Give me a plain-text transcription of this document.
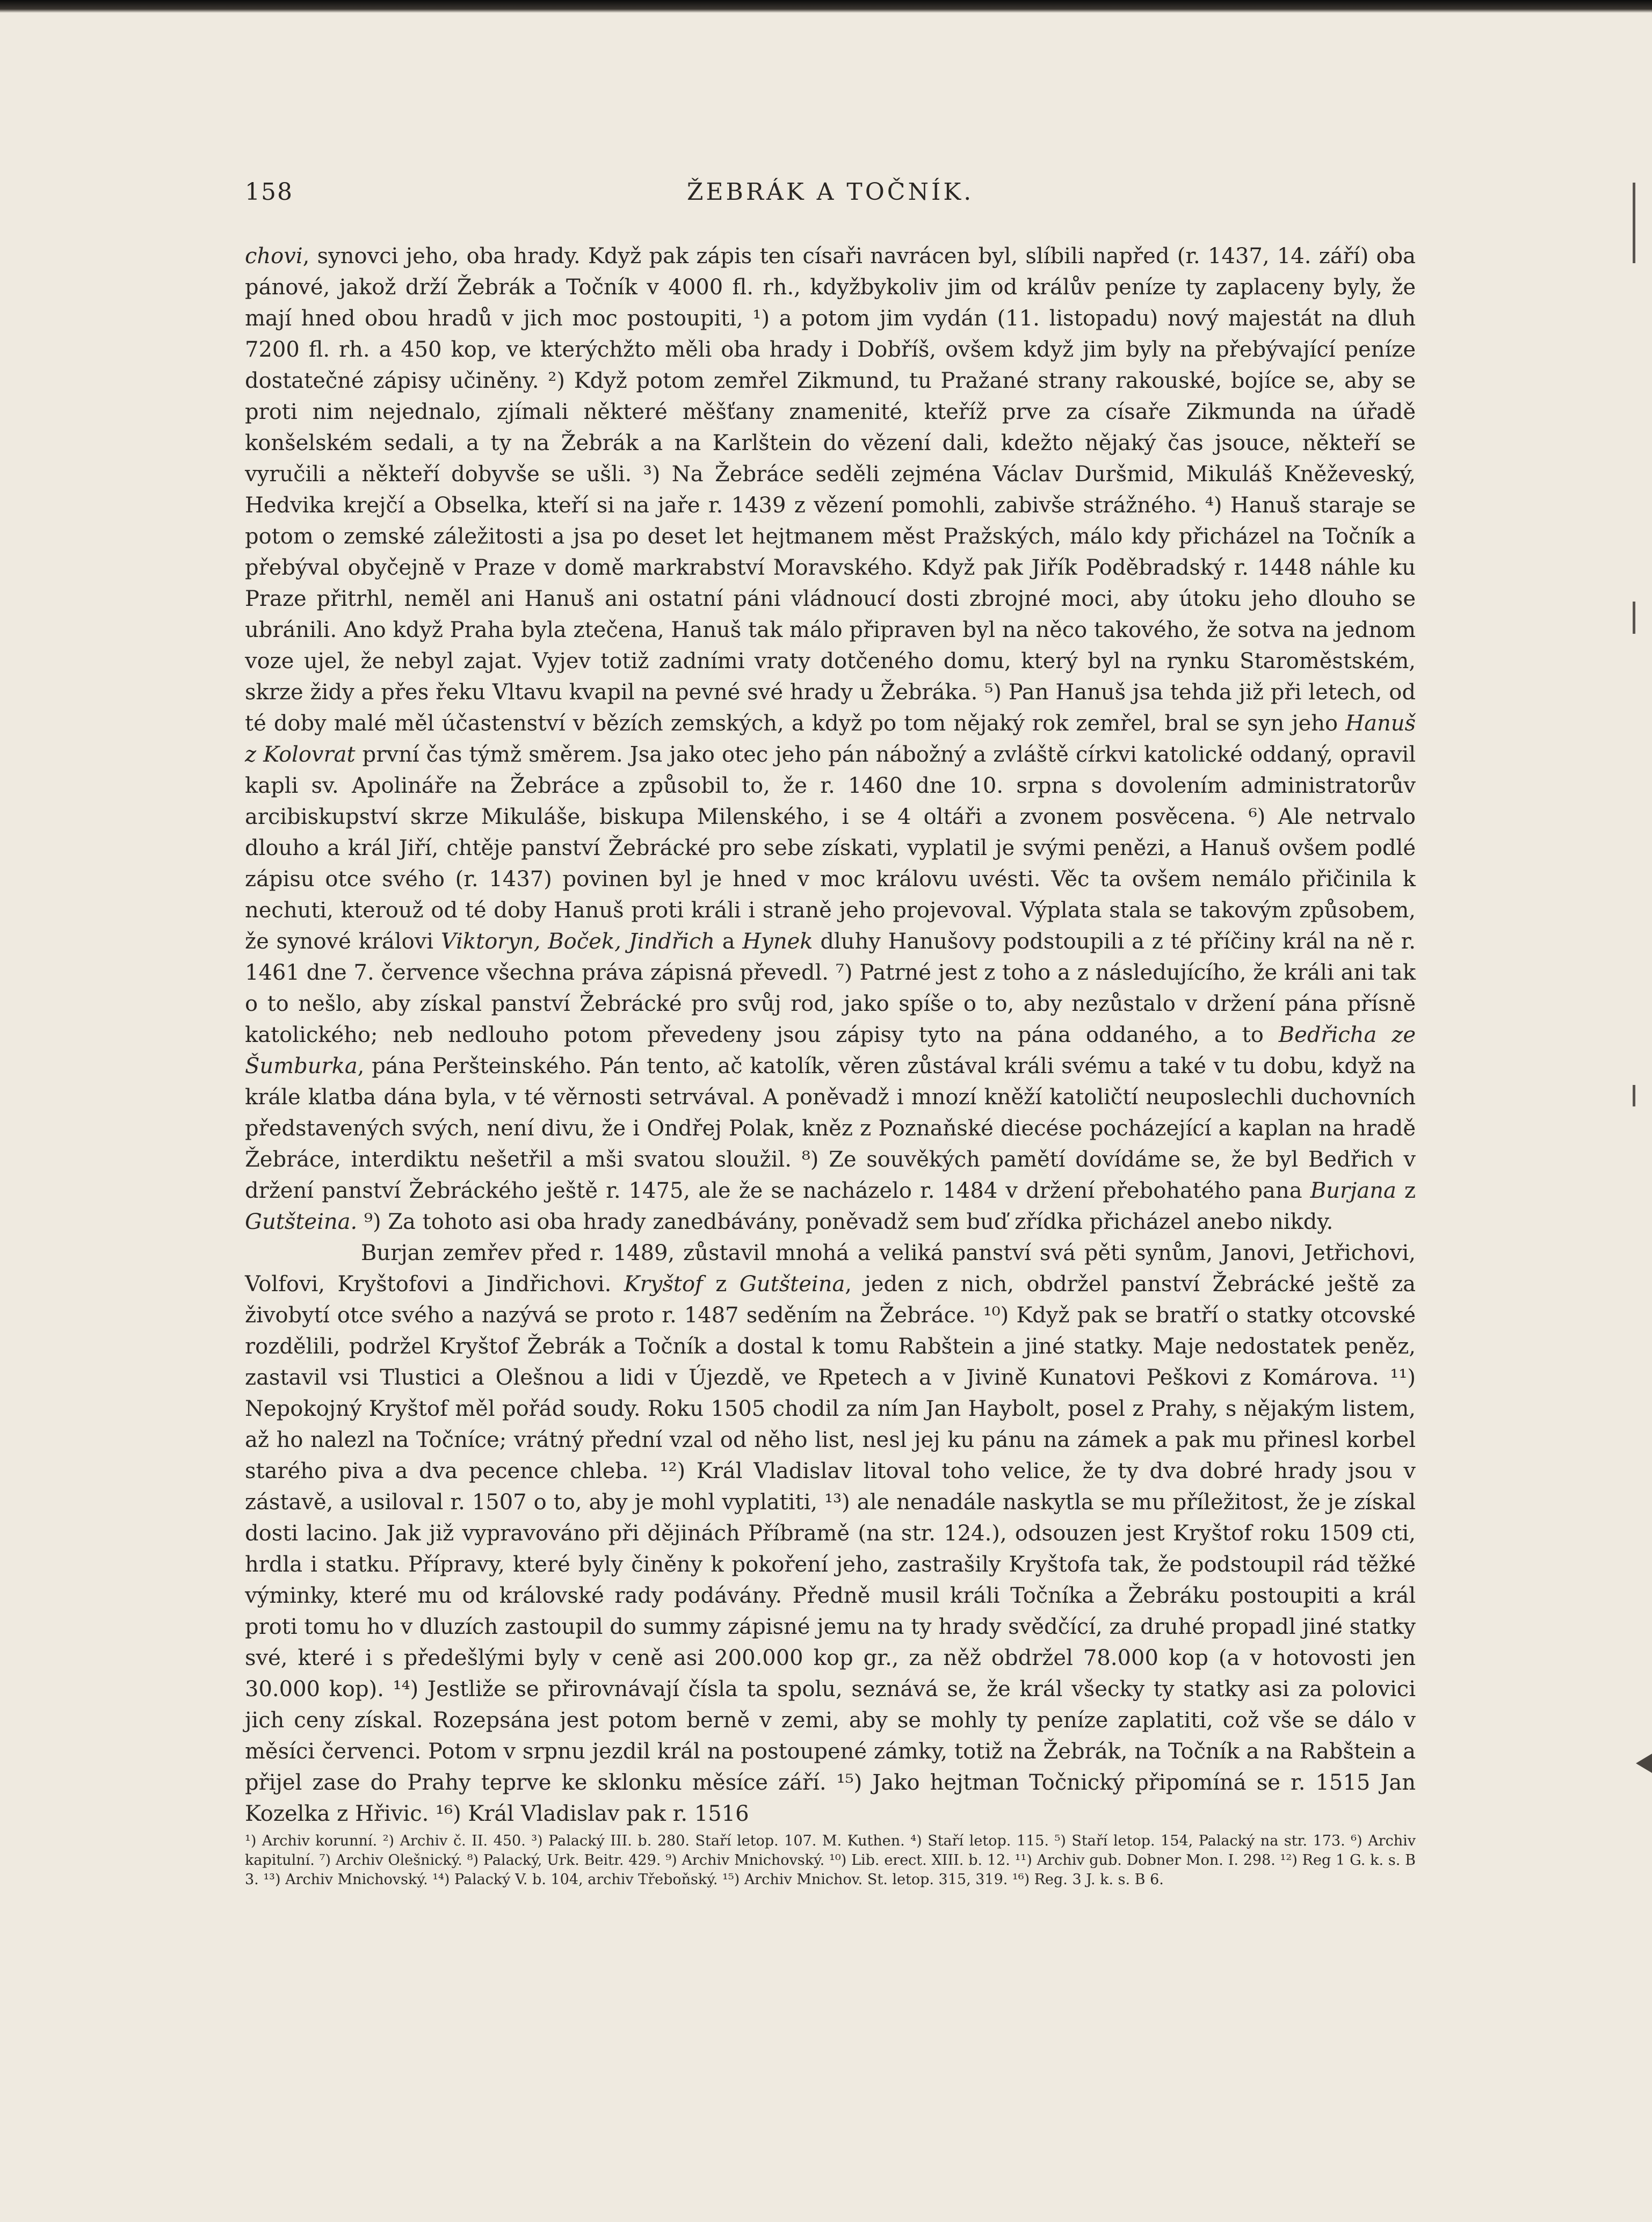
158	ŽEBRÁK A TOČNÍK.

chovi, synovci jeho, oba hrady. Když pak zápis ten císaři navrácen byl, slíbili napřed (r. 1437, 14. září) oba pánové, jakož drží Žebrák a Točník v 4000 fl. rh., kdyžbykoliv jim od králův peníze ty zaplaceny byly, že mají hned obou hradů v jich moc postoupiti, ¹) a potom jim vydán (11. listopadu) nový majestát na dluh 7200 fl. rh. a 450 kop, ve kterýchžto měli oba hrady i Dobříš, ovšem když jim byly na přebývající peníze dostatečné zápisy učiněny. ²) Když potom zemřel Zikmund, tu Pražané strany rakouské, bojíce se, aby se proti nim nejednalo, zjímali některé měšťany znamenité, kteříž prve za císaře Zikmunda na úřadě konšelském sedali, a ty na Žebrák a na Karlštein do vězení dali, kdežto nějaký čas jsouce, někteří se vyručili a někteří dobyvše se ušli. ³) Na Žebráce seděli zejména Václav Duršmid, Mikuláš Kněževeský, Hedvika krejčí a Obselka, kteří si na jaře r. 1439 z vězení pomohli, zabivše strážného. ⁴) Hanuš staraje se potom o zemské záležitosti a jsa po deset let hejtmanem měst Pražských, málo kdy přicházel na Točník a přebýval obyčejně v Praze v domě markrabství Moravského. Když pak Jiřík Poděbradský r. 1448 náhle ku Praze přitrhl, neměl ani Hanuš ani ostatní páni vládnoucí dosti zbrojné moci, aby útoku jeho dlouho se ubránili. Ano když Praha byla ztečena, Hanuš tak málo připraven byl na něco takového, že sotva na jednom voze ujel, že nebyl zajat. Vyjev totiž zadními vraty dotčeného domu, který byl na rynku Staroměstském, skrze židy a přes řeku Vltavu kvapil na pevné své hrady u Žebráka. ⁵) Pan Hanuš jsa tehda již při letech, od té doby malé měl účastenství v bězích zemských, a když po tom nějaký rok zemřel, bral se syn jeho Hanuš z Kolovrat první čas týmž směrem. Jsa jako otec jeho pán nábožný a zvláště církvi katolické oddaný, opravil kapli sv. Apolináře na Žebráce a způsobil to, že r. 1460 dne 10. srpna s dovolením administratorův arcibiskupství skrze Mikuláše, biskupa Milenského, i se 4 oltáři a zvonem posvěcena. ⁶) Ale netrvalo dlouho a král Jiří, chtěje panství Žebrácké pro sebe získati, vyplatil je svými penězi, a Hanuš ovšem podlé zápisu otce svého (r. 1437) povinen byl je hned v moc královu uvésti. Věc ta ovšem nemálo přičinila k nechuti, kterouž od té doby Hanuš proti králi i straně jeho projevoval. Výplata stala se takovým způsobem, že synové královi Viktoryn, Boček, Jindřich a Hynek dluhy Hanušovy podstoupili a z té příčiny král na ně r. 1461 dne 7. července všechna práva zápisná převedl. ⁷) Patrné jest z toho a z následujícího, že králi ani tak o to nešlo, aby získal panství Žebrácké pro svůj rod, jako spíše o to, aby nezůstalo v držení pána přísně katolického; neb nedlouho potom převedeny jsou zápisy tyto na pána oddaného, a to Bedřicha ze Šumburka, pána Peršteinského. Pán tento, ač katolík, věren zůstával králi svému a také v tu dobu, když na krále klatba dána byla, v té věrnosti setrvával. A poněvadž i mnozí kněží katoličtí neuposlechli duchovních představených svých, není divu, že i Ondřej Polak, kněz z Poznaňské diecése pocházející a kaplan na hradě Žebráce, interdiktu nešetřil a mši svatou sloužil. ⁸) Ze souvěkých pamětí dovídáme se, že byl Bedřich v držení panství Žebráckého ještě r. 1475, ale že se nacházelo r. 1484 v držení přebohatého pana Burjana z Gutšteina. ⁹) Za tohoto asi oba hrady zanedbávány, poněvadž sem buď zřídka přicházel anebo nikdy.

Burjan zemřev před r. 1489, zůstavil mnohá a veliká panství svá pěti synům, Janovi, Jetřichovi, Volfovi, Kryštofovi a Jindřichovi. Kryštof z Gutšteina, jeden z nich, obdržel panství Žebrácké ještě za živobytí otce svého a nazývá se proto r. 1487 seděním na Žebráce. ¹⁰) Když pak se bratří o statky otcovské rozdělili, podržel Kryštof Žebrák a Točník a dostal k tomu Rabštein a jiné statky. Maje nedostatek peněz, zastavil vsi Tlustici a Olešnou a lidi v Újezdě, ve Rpetech a v Jivině Kunatovi Peškovi z Komárova. ¹¹) Nepokojný Kryštof měl pořád soudy. Roku 1505 chodil za ním Jan Haybolt, posel z Prahy, s nějakým listem, až ho nalezl na Točníce; vrátný přední vzal od něho list, nesl jej ku pánu na zámek a pak mu přinesl korbel starého piva a dva pecence chleba. ¹²) Král Vladislav litoval toho velice, že ty dva dobré hrady jsou v zástavě, a usiloval r. 1507 o to, aby je mohl vyplatiti, ¹³) ale nenadále naskytla se mu příležitost, že je získal dosti lacino. Jak již vypravováno při dějinách Příbramě (na str. 124.), odsouzen jest Kryštof roku 1509 cti, hrdla i statku. Přípravy, které byly činěny k pokoření jeho, zastrašily Kryštofa tak, že podstoupil rád těžké výminky, které mu od královské rady podávány. Předně musil králi Točníka a Žebráku postoupiti a král proti tomu ho v dluzích zastoupil do summy zápisné jemu na ty hrady svědčící, za druhé propadl jiné statky své, které i s předešlými byly v ceně asi 200.000 kop gr., za něž obdržel 78.000 kop (a v hotovosti jen 30.000 kop). ¹⁴) Jestliže se přirovnávají čísla ta spolu, seznává se, že král všecky ty statky asi za polovici jich ceny získal. Rozepsána jest potom berně v zemi, aby se mohly ty peníze zaplatiti, což vše se dálo v měsíci červenci. Potom v srpnu jezdil král na postoupené zámky, totiž na Žebrák, na Točník a na Rabštein a přijel zase do Prahy teprve ke sklonku měsíce září. ¹⁵) Jako hejtman Točnický připomíná se r. 1515 Jan Kozelka z Hřivic. ¹⁶) Král Vladislav pak r. 1516

¹) Archiv korunní. ²) Archiv č. II. 450. ³) Palacký III. b. 280. Staří letop. 107. M. Kuthen. ⁴) Staří letop. 115. ⁵) Staří letop. 154, Palacký na str. 173. ⁶) Archiv kapitulní. ⁷) Archiv Olešnický. ⁸) Palacký, Urk. Beitr. 429. ⁹) Archiv Mnichovský. ¹⁰) Lib. erect. XIII. b. 12. ¹¹) Archiv gub. Dobner Mon. I. 298. ¹²) Reg 1 G. k. s. B 3. ¹³) Archiv Mnichovský. ¹⁴) Palacký V. b. 104, archiv Třeboňský. ¹⁵) Archiv Mnichov. St. letop. 315, 319. ¹⁶) Reg. 3 J. k. s. B 6.
